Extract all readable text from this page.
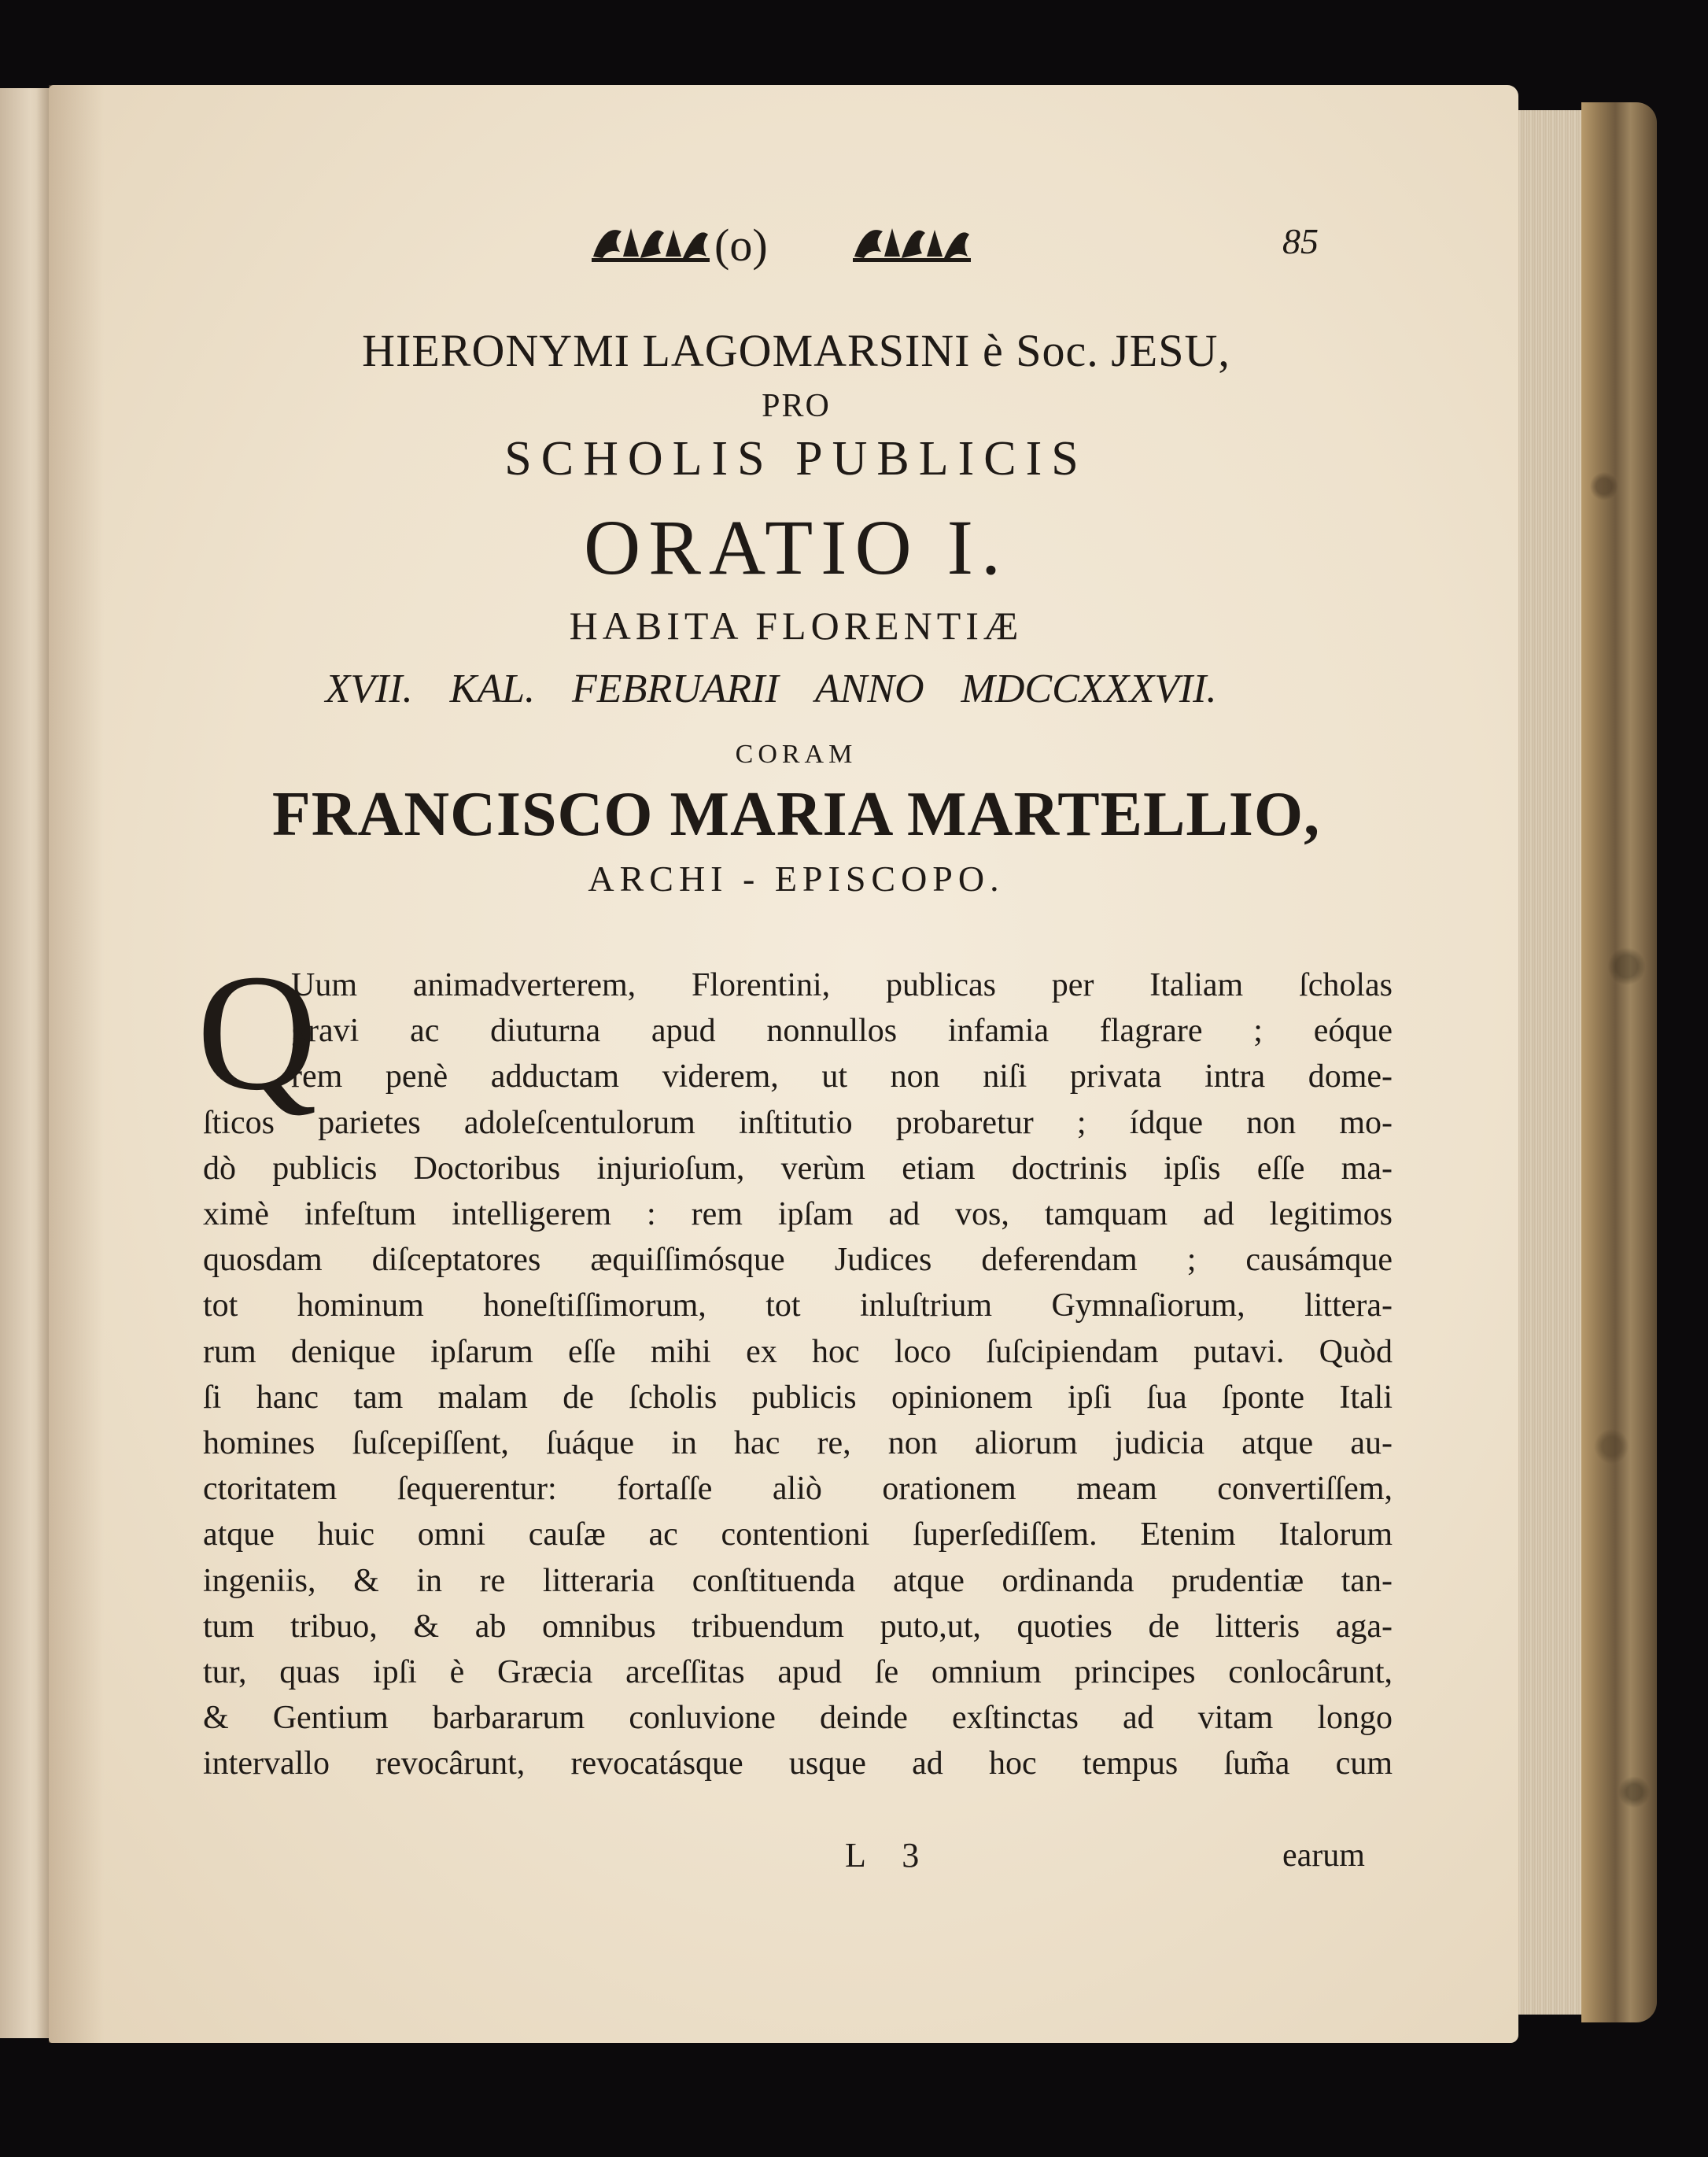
(o)	85
HIERONYMI LAGOMARSINI è Soc. JESU,
PRO
SCHOLIS PUBLICIS
ORATIO I.
HABITA FLORENTIÆ
XVII. KAL. FEBRUARII ANNO MDCCXXXVII.
CORAM
FRANCISCO MARIA MARTELLIO,
ARCHI - EPISCOPO.
Q
Uum animadverterem, Florentini, publicas per Italiam ſcholas
gravi ac diuturna apud nonnullos infamia flagrare ; eóque
rem penè adductam viderem, ut non niſi privata intra dome-
ſticos parietes adoleſcentulorum inſtitutio probaretur ; ídque non mo-
dò publicis Doctoribus injurioſum, verùm etiam doctrinis ipſis eſſe ma-
ximè infeſtum intelligerem : rem ipſam ad vos, tamquam ad legitimos
quosdam diſceptatores æquiſſimósque Judices deferendam ; causámque
tot hominum honeſtiſſimorum, tot inluſtrium Gymnaſiorum, littera-
rum denique ipſarum eſſe mihi ex hoc loco ſuſcipiendam putavi. Quòd
ſi hanc tam malam de ſcholis publicis opinionem ipſi ſua ſponte Itali
homines ſuſcepiſſent, ſuáque in hac re, non aliorum judicia atque au-
ctoritatem ſequerentur: fortaſſe aliò orationem meam convertiſſem,
atque huic omni cauſæ ac contentioni ſuperſediſſem. Etenim Italorum
ingeniis, & in re litteraria conſtituenda atque ordinanda prudentiæ tan-
tum tribuo, & ab omnibus tribuendum puto,ut, quoties de litteris aga-
tur, quas ipſi è Græcia arceſſitas apud ſe omnium principes conlocârunt,
& Gentium barbararum conluvione deinde exſtinctas ad vitam longo
intervallo revocârunt, revocatásque usque ad hoc tempus ſum̃a cum
L 3	earum
